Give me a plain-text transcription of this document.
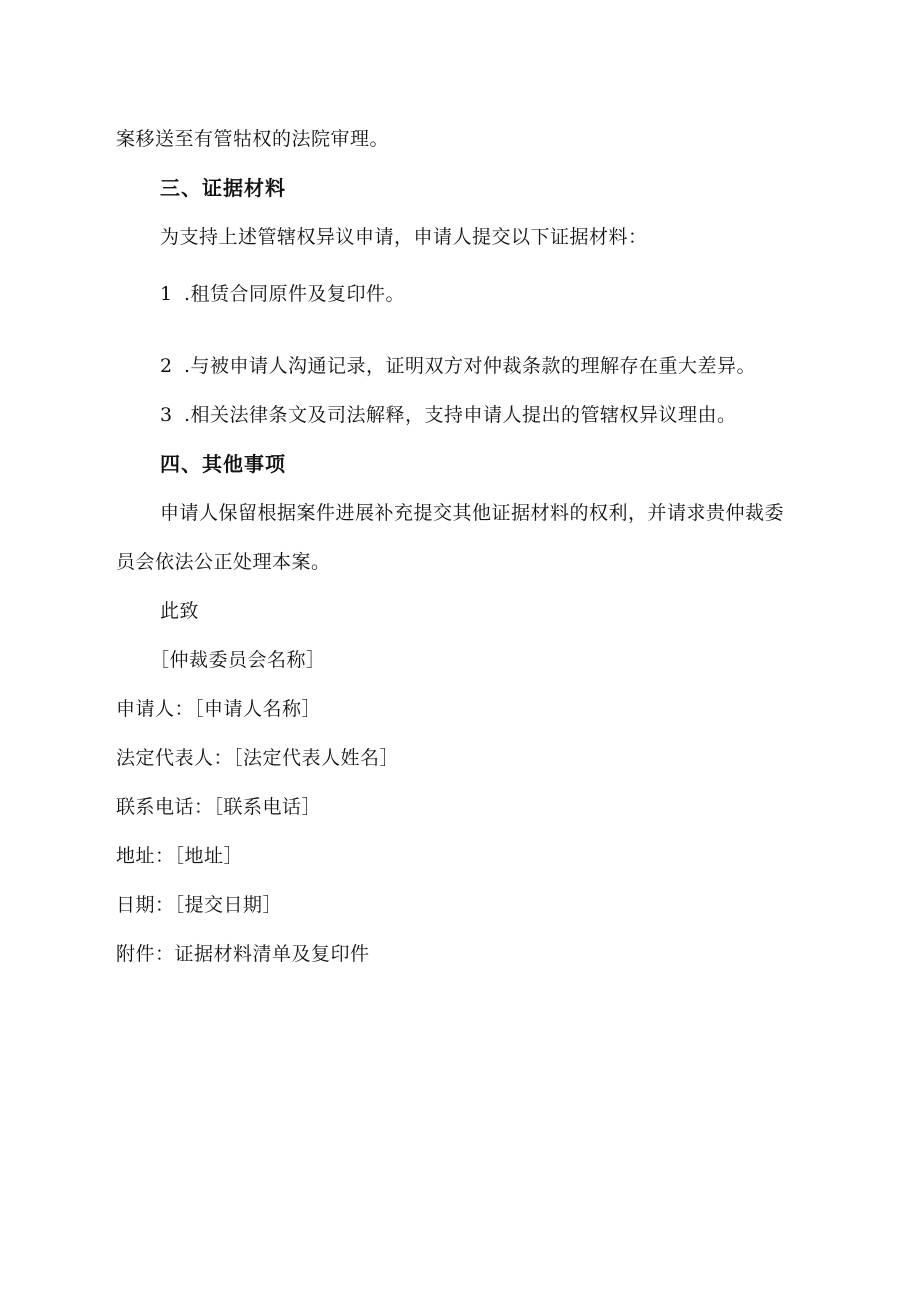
案移送至有管牯权的法院审理。
三、证据材料
为支持上述管辖权异议申请，申请人提交以下证据材料：
1 .租赁合同原件及复印件。
2 .与被申请人沟通记录，证明双方对仲裁条款的理解存在重大差异。
3 .相关法律条文及司法解释，支持申请人提出的管辖权异议理由。
四、其他事项
申请人保留根据案件进展补充提交其他证据材料的权利，并请求贵仲裁委
员会依法公正处理本案。
此致
［仲裁委员会名称］
申请人：［申请人名称］
法定代表人：［法定代表人姓名］
联系电话：［联系电话］
地址：［地址］
日期：［提交日期］
附件：证据材料清单及复印件
